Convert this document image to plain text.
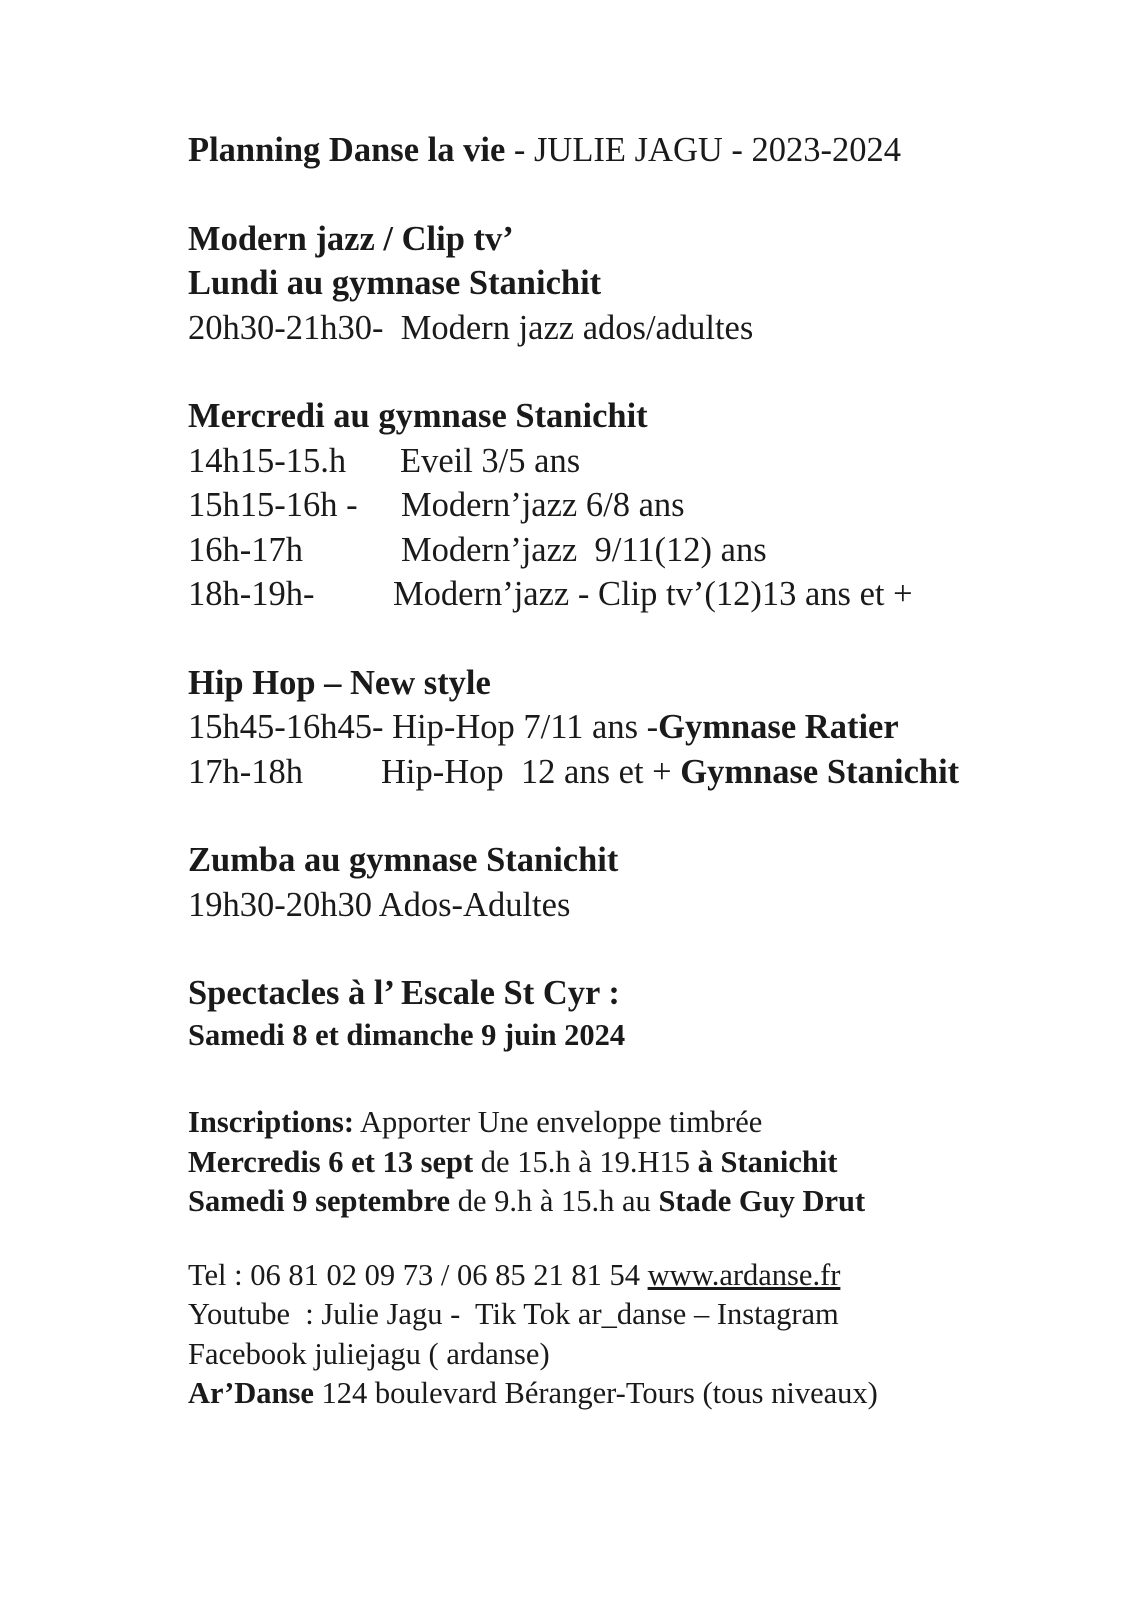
Planning Danse la vie - JULIE JAGU - 2023-2024
Modern jazz / Clip tv’
Lundi au gymnase Stanichit
20h30-21h30-  Modern jazz ados/adultes
Mercredi au gymnase Stanichit

14h15-15.h

Eveil 3/5 ans

15h15-16h -

Modern’jazz 6/8 ans

16h-17h

	Modern’jazz  9/11(12) ans

18h-19h-

Modern’jazz - Clip tv’(12)13 ans et +

Hip Hop – New style
15h45-16h45- Hip-Hop 7/11 ans -Gymnase Ratier

17h-18h

Hip-Hop  12 ans et + Gymnase Stanichit

Zumba au gymnase Stanichit
19h30-20h30 Ados-Adultes
Spectacles à l’ Escale St Cyr :
Samedi 8 et dimanche 9 juin 2024
Inscriptions: Apporter Une enveloppe timbrée
Mercredis 6 et 13 sept de 15.h à 19.H15 à Stanichit
Samedi 9 septembre de 9.h à 15.h au Stade Guy Drut
Tel : 06 81 02 09 73 / 06 85 21 81 54 www.ardanse.fr
Youtube  : Julie Jagu -  Tik Tok ar_danse – Instagram
Facebook juliejagu ( ardanse)
Ar’Danse 124 boulevard Béranger-Tours (tous niveaux)
